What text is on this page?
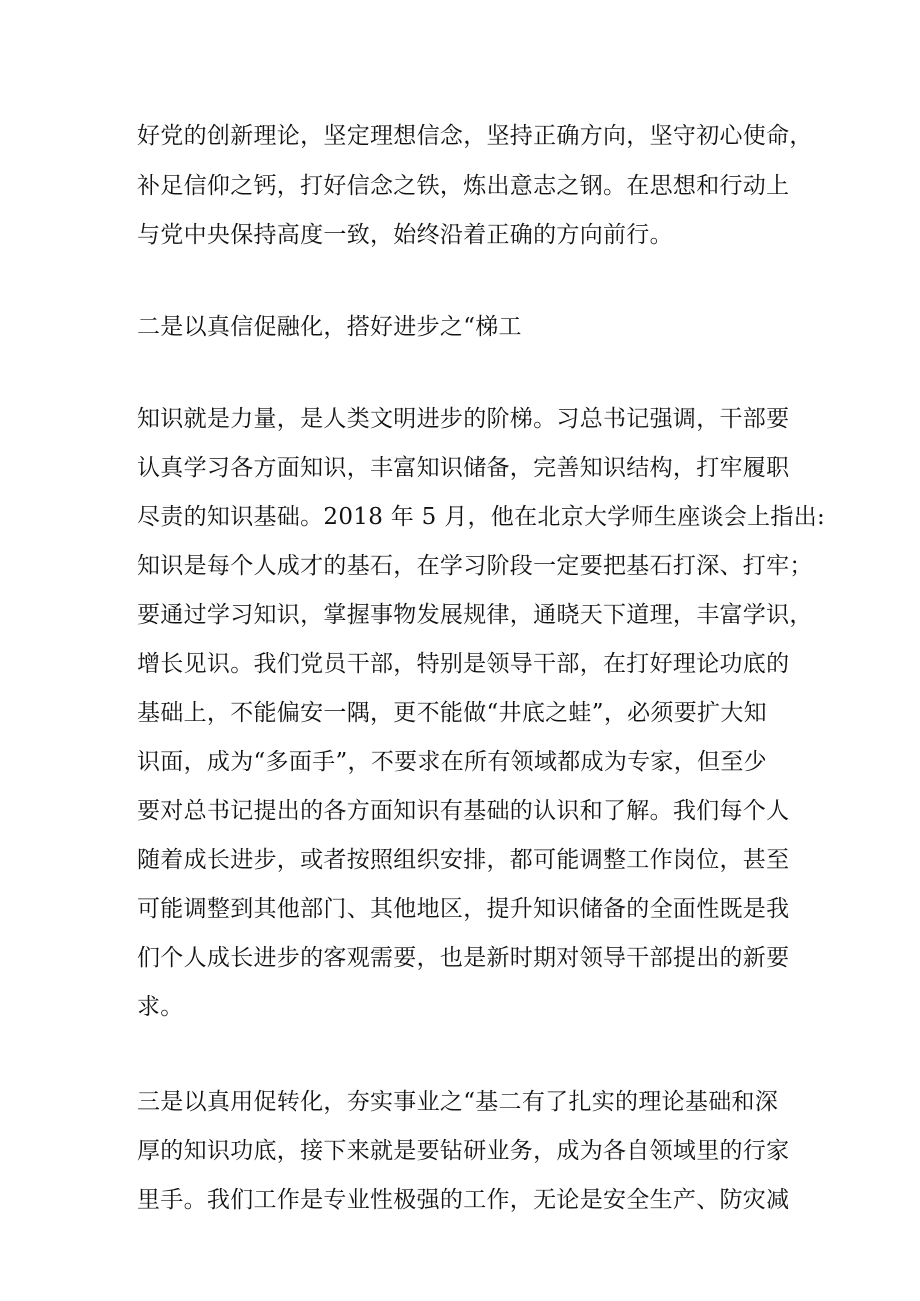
好党的创新理论，坚定理想信念，坚持正确方向，坚守初心使命，
补足信仰之钙，打好信念之铁，炼出意志之钢。在思想和行动上
与党中央保持高度一致，始终沿着正确的方向前行。
二是以真信促融化，搭好进步之“梯工
知识就是力量，是人类文明进步的阶梯。习总书记强调，干部要
认真学习各方面知识，丰富知识储备，完善知识结构，打牢履职
尽责的知识基础。2018 年 5 月，他在北京大学师生座谈会上指出:
知识是每个人成才的基石，在学习阶段一定要把基石打深、打牢；
要通过学习知识，掌握事物发展规律，通晓天下道理，丰富学识，
增长见识。我们党员干部，特别是领导干部，在打好理论功底的
基础上，不能偏安一隅，更不能做“井底之蛙”，必须要扩大知
识面，成为“多面手”，不要求在所有领域都成为专家，但至少
要对总书记提出的各方面知识有基础的认识和了解。我们每个人
随着成长进步，或者按照组织安排，都可能调整工作岗位，甚至
可能调整到其他部门、其他地区，提升知识储备的全面性既是我
们个人成长进步的客观需要，也是新时期对领导干部提出的新要
求。
三是以真用促转化，夯实事业之“基二有了扎实的理论基础和深
厚的知识功底，接下来就是要钻研业务，成为各自领域里的行家
里手。我们工作是专业性极强的工作，无论是安全生产、防灾减
